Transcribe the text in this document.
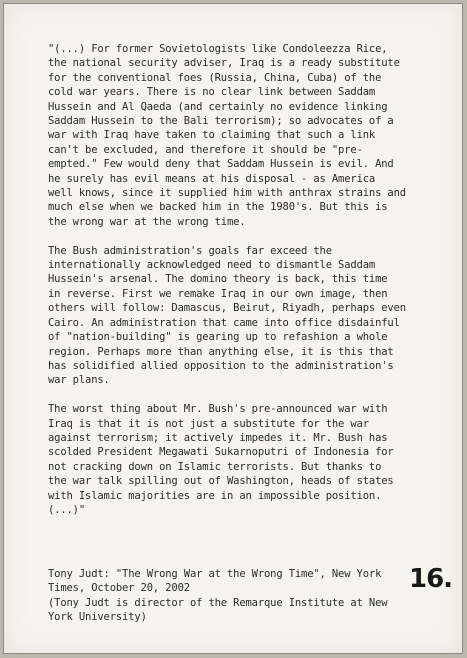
"(...) For former Sovietologists like Condoleezza Rice,
the national security adviser, Iraq is a ready substitute
for the conventional foes (Russia, China, Cuba) of the
cold war years. There is no clear link between Saddam
Hussein and Al Qaeda (and certainly no evidence linking
Saddam Hussein to the Bali terrorism); so advocates of a
war with Iraq have taken to claiming that such a link
can't be excluded, and therefore it should be "pre-
empted." Few would deny that Saddam Hussein is evil. And
he surely has evil means at his disposal - as America
well knows, since it supplied him with anthrax strains and
much else when we backed him in the 1980's. But this is
the wrong war at the wrong time.

The Bush administration's goals far exceed the
internationally acknowledged need to dismantle Saddam
Hussein's arsenal. The domino theory is back, this time
in reverse. First we remake Iraq in our own image, then
others will follow: Damascus, Beirut, Riyadh, perhaps even
Cairo. An administration that came into office disdainful
of "nation-building" is gearing up to refashion a whole
region. Perhaps more than anything else, it is this that
has solidified allied opposition to the administration's
war plans.

The worst thing about Mr. Bush's pre-announced war with
Iraq is that it is not just a substitute for the war
against terrorism; it actively impedes it. Mr. Bush has
scolded President Megawati Sukarnoputri of Indonesia for
not cracking down on Islamic terrorists. But thanks to
the war talk spilling out of Washington, heads of states
with Islamic majorities are in an impossible position.
(...)"

Tony Judt: "The Wrong War at the Wrong Time", New York
Times, October 20, 2002
(Tony Judt is director of the Remarque Institute at New
York University)
16.
